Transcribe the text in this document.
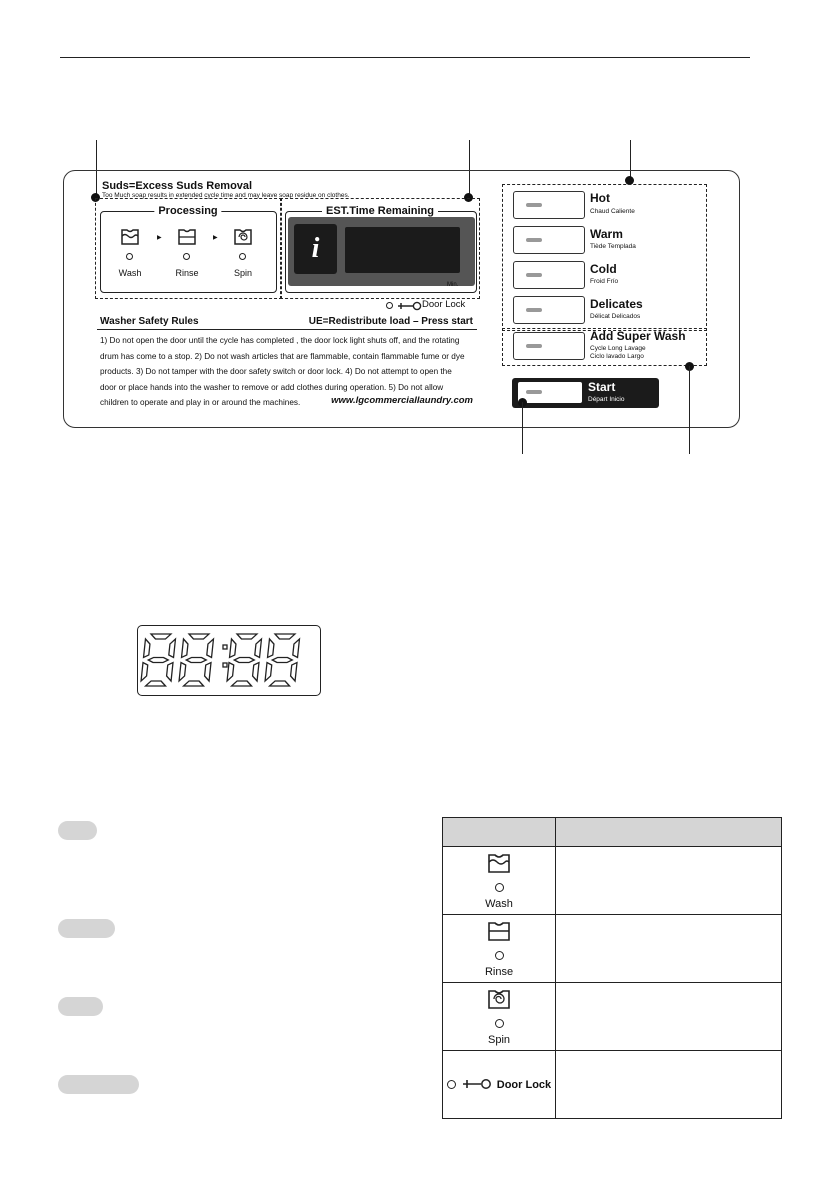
Suds=Excess Suds Removal
Too Much soap results in extended cycle time and may leave soap residue on clothes.
Processing
▶	▶
Wash	Rinse	Spin
EST.Time Remaining
i
Min.
Door Lock
Washer Safety Rules	UE=Redistribute load – Press start
1) Do not open the door until the cycle has completed , the door lock light shuts off, and the rotating
drum has come to a stop. 2) Do not wash articles that are flammable, contain flammable fume or dye
products. 3) Do not tamper with the door safety switch or door lock. 4) Do not attempt to open the
door or place hands into the washer to remove or add clothes during operation. 5) Do not allow
children to operate and play in or around the machines.	www.lgcommerciallaundry.com
Hot
Chaud Caliente
Warm
Tiède Templada
Cold
Froid Frío
Delicates
Délicat Delicados
Add Super Wash
Cycle Long Lavage
Ciclo lavado Largo
Start
Départ Inicio

Wash	

Rinse	

Spin	

Door Lock	
